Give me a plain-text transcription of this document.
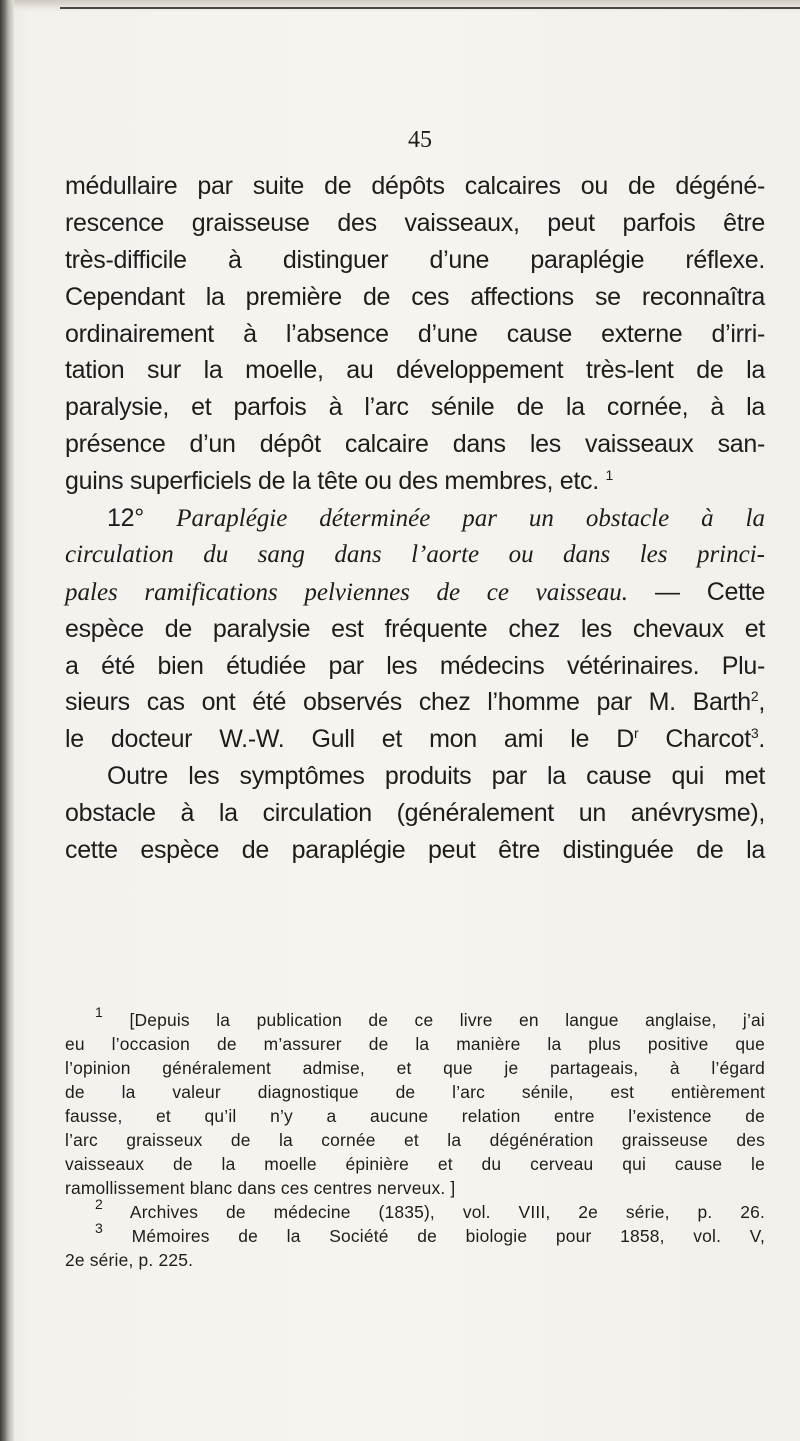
45
médullaire par suite de dépôts calcaires ou de dégéné-
rescence graisseuse des vaisseaux, peut parfois être
très-difficile à distinguer d’une paraplégie réflexe.
Cependant la première de ces affections se reconnaîtra
ordinairement à l’absence d’une cause externe d’irri-
tation sur la moelle, au développement très-lent de la
paralysie, et parfois à l’arc sénile de la cornée, à la
présence d’un dépôt calcaire dans les vaisseaux san-
guins superficiels de la tête ou des membres, etc. $^1$
12° Paraplégie déterminée par un obstacle à la
circulation du sang dans l’aorte ou dans les princi-
pales ramifications pelviennes de ce vaisseau. — Cette
espèce de paralysie est fréquente chez les chevaux et
a été bien étudiée par les médecins vétérinaires. Plu-
sieurs cas ont été observés chez l’homme par M. Barth$^2$,
le docteur W.-W. Gull et mon ami le $D^r$ Charcot$^3$.
Outre les symptômes produits par la cause qui met
obstacle à la circulation (généralement un anévrysme),
cette espèce de paraplégie peut être distinguée de la
$^1$ [Depuis la publication de ce livre en langue anglaise, j’ai
eu l’occasion de m’assurer de la manière la plus positive que
l’opinion généralement admise, et que je partageais, à l’égard
de la valeur diagnostique de l’arc sénile, est entièrement
fausse, et qu’il n’y a aucune relation entre l’existence de
l’arc graisseux de la cornée et la dégénération graisseuse des
vaisseaux de la moelle épinière et du cerveau qui cause le
ramollissement blanc dans ces centres nerveux. ]
$^2$ Archives de médecine (1835), vol. VIII, 2e série, p. 26.
$^3$ Mémoires de la Société de biologie pour 1858, vol. V,
2e série, p. 225.
